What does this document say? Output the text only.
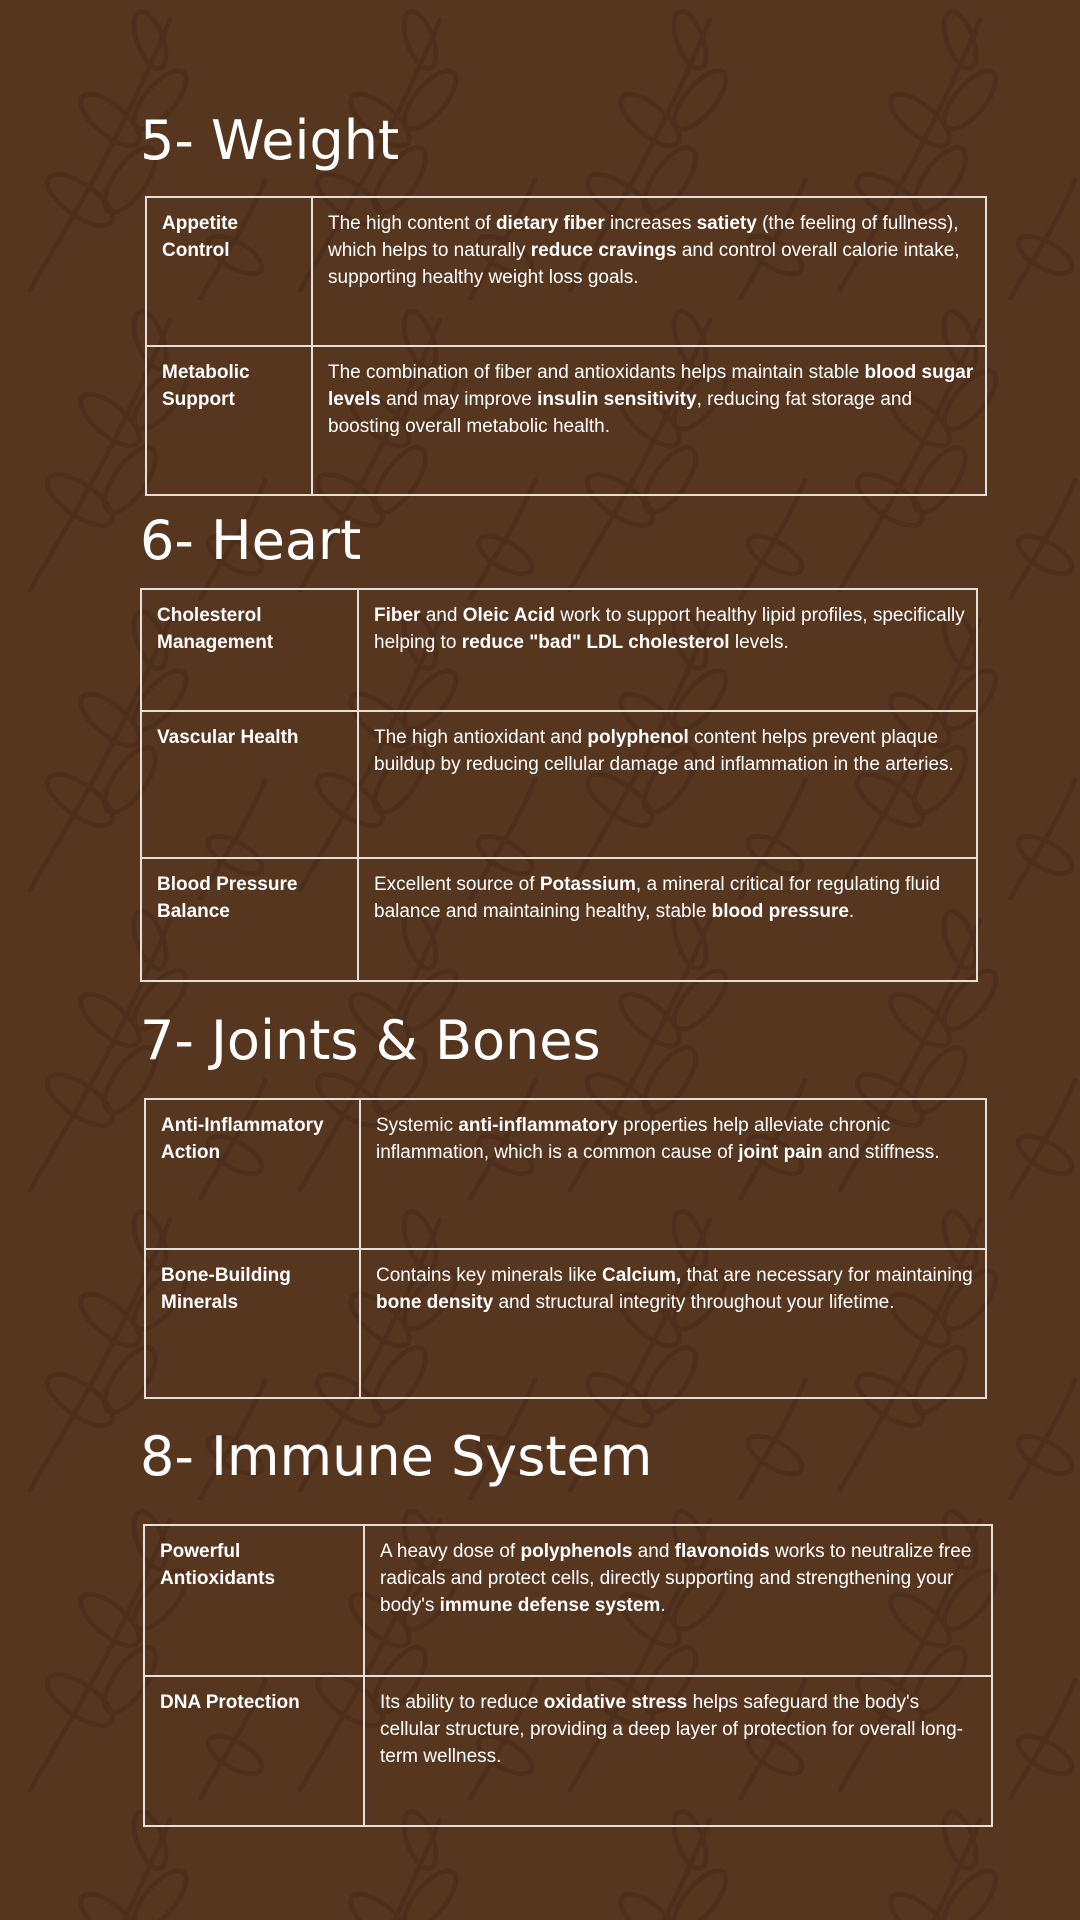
5- Weight
Appetite Control	The high content of dietary fiber increases satiety (the feeling of fullness), which helps to naturally reduce cravings and control overall calorie intake, supporting healthy weight loss goals.
Metabolic Support	The combination of fiber and antioxidants helps maintain stable blood sugar levels and may improve insulin sensitivity, reducing fat storage and boosting overall metabolic health.
6- Heart
Cholesterol Management	Fiber and Oleic Acid work to support healthy lipid profiles, specifically helping to reduce "bad" LDL cholesterol levels.
Vascular Health	The high antioxidant and polyphenol content helps prevent plaque buildup by reducing cellular damage and inflammation in the arteries.
Blood Pressure Balance	Excellent source of Potassium, a mineral critical for regulating fluid balance and maintaining healthy, stable blood pressure.
7- Joints & Bones
Anti-Inflammatory Action	Systemic anti-inflammatory properties help alleviate chronic inflammation, which is a common cause of joint pain and stiffness.
Bone-Building Minerals	Contains key minerals like Calcium, that are necessary for maintaining bone density and structural integrity throughout your lifetime.
8- Immune System
Powerful Antioxidants	A heavy dose of polyphenols and flavonoids works to neutralize free radicals and protect cells, directly supporting and strengthening your body's immune defense system.
DNA Protection	Its ability to reduce oxidative stress helps safeguard the body's cellular structure, providing a deep layer of protection for overall long-term wellness.
